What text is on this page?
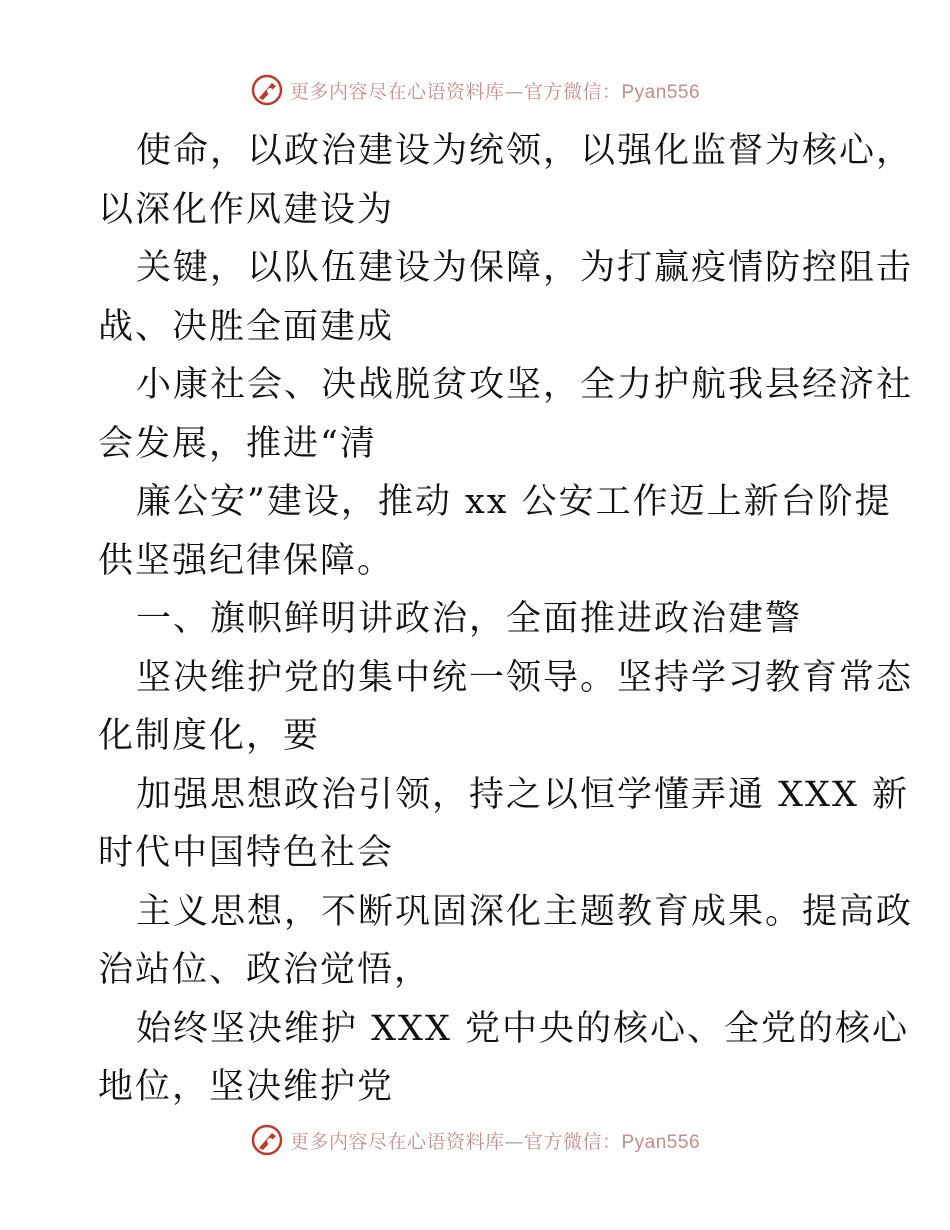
更多内容尽在心语资料库—官方微信：Pyan556
使命，以政治建设为统领，以强化监督为核心，
以深化作风建设为
关键，以队伍建设为保障，为打赢疫情防控阻击
战、决胜全面建成
小康社会、决战脱贫攻坚，全力护航我县经济社
会发展，推进“清
廉公安”建设，推动 xx 公安工作迈上新台阶提
供坚强纪律保障。
一、旗帜鲜明讲政治，全面推进政治建警
坚决维护党的集中统一领导。坚持学习教育常态
化制度化，要
加强思想政治引领，持之以恒学懂弄通 XXX 新
时代中国特色社会
主义思想，不断巩固深化主题教育成果。提高政
治站位、政治觉悟，
始终坚决维护 XXX 党中央的核心、全党的核心
地位，坚决维护党
更多内容尽在心语资料库—官方微信：Pyan556
